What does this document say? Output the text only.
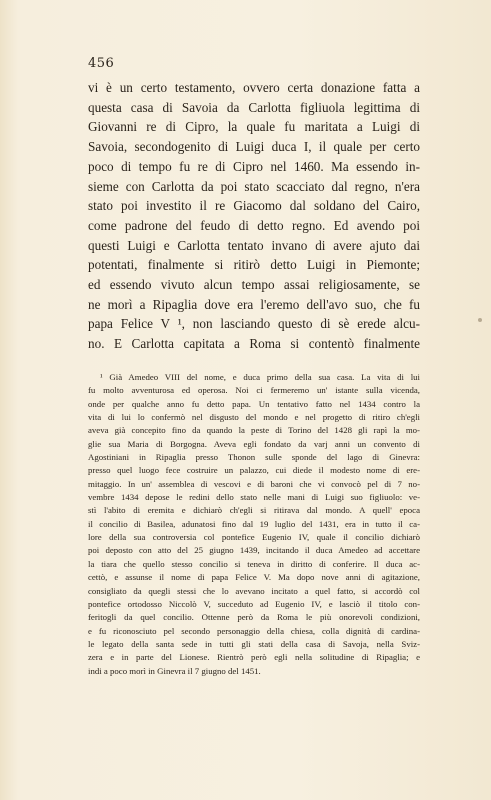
456
vi è un certo testamento, ovvero certa donazione fatta a
questa casa di Savoia da Carlotta figliuola legittima di
Giovanni re di Cipro, la quale fu maritata a Luigi di
Savoia, secondogenito di Luigi duca I, il quale per certo
poco di tempo fu re di Cipro nel 1460. Ma essendo in-
sieme con Carlotta da poi stato scacciato dal regno, n'era
stato poi investito il re Giacomo dal soldano del Cairo,
come padrone del feudo di detto regno. Ed avendo poi
questi Luigi e Carlotta tentato invano di avere ajuto dai
potentati, finalmente si ritirò detto Luigi in Piemonte;
ed essendo vivuto alcun tempo assai religiosamente, se
ne morì a Ripaglia dove era l'eremo dell'avo suo, che fu
papa Felice V ¹, non lasciando questo di sè erede alcu-
no. E Carlotta capitata a Roma si contentò finalmente
¹ Già Amedeo VIII del nome, e duca primo della sua casa. La vita di lui
fu molto avventurosa ed operosa. Noi ci fermeremo un' istante sulla vicenda,
onde per qualche anno fu detto papa. Un tentativo fatto nel 1434 contro la
vita di lui lo confermò nel disgusto del mondo e nel progetto di ritiro ch'egli
aveva già concepito fino da quando la peste di Torino del 1428 gli rapì la mo-
glie sua Maria di Borgogna. Aveva egli fondato da varj anni un convento di
Agostiniani in Ripaglia presso Thonon sulle sponde del lago di Ginevra:
presso quel luogo fece costruire un palazzo, cui diede il modesto nome di ere-
mitaggio. In un' assemblea di vescovi e di baroni che vi convocò pel di 7 no-
vembre 1434 depose le redini dello stato nelle mani di Luigi suo figliuolo: ve-
stì l'abito di eremita e dichiarò ch'egli si ritirava dal mondo. A quell' epoca
il concilio di Basilea, adunatosi fino dal 19 luglio del 1431, era in tutto il ca-
lore della sua controversia col pontefice Eugenio IV, quale il concilio dichiarò
poi deposto con atto del 25 giugno 1439, incitando il duca Amedeo ad accettare
la tiara che quello stesso concilio si teneva in diritto di conferire. Il duca ac-
cettò, e assunse il nome di papa Felice V. Ma dopo nove anni di agitazione,
consigliato da quegli stessi che lo avevano incitato a quel fatto, si accordò col
pontefice ortodosso Niccolò V, succeduto ad Eugenio IV, e lasciò il titolo con-
feritogli da quel concilio. Ottenne però da Roma le più onorevoli condizioni,
e fu riconosciuto pel secondo personaggio della chiesa, colla dignità di cardina-
le legato della santa sede in tutti gli stati della casa di Savoja, nella Sviz-
zera e in parte del Lionese. Rientrò però egli nella solitudine di Ripaglia; e
indi a poco morì in Ginevra il 7 giugno del 1451.
